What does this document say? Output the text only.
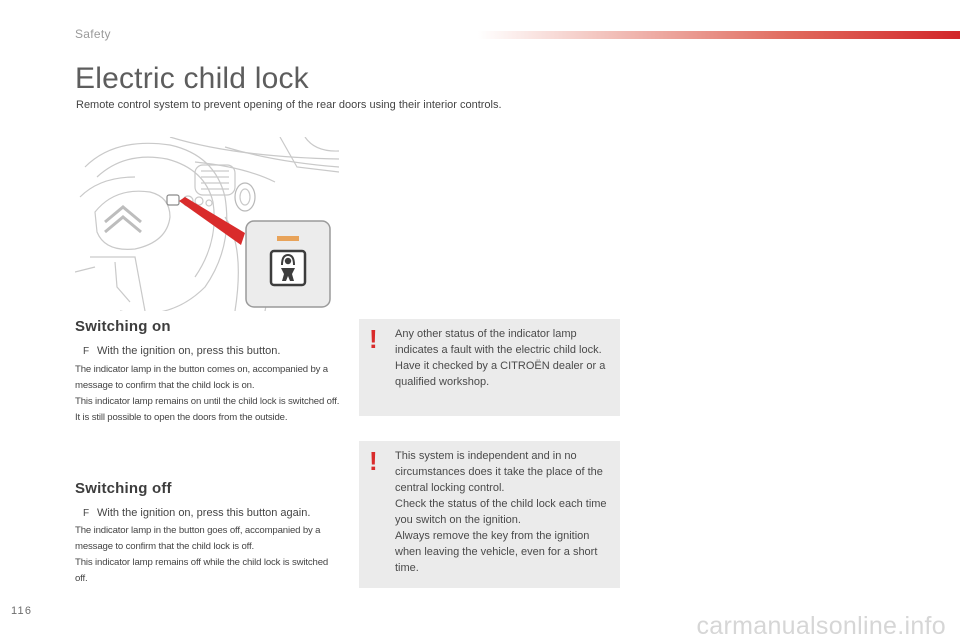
Safety
Electric child lock
Remote control system to prevent opening of the rear doors using their interior controls.
Switching on
F With the ignition on, press this button.
The indicator lamp in the button comes on, accompanied by a message to confirm that the child lock is on.
This indicator lamp remains on until the child lock is switched off.
It is still possible to open the doors from the outside.
Switching off
F With the ignition on, press this button again.
The indicator lamp in the button goes off, accompanied by a message to confirm that the child lock is off.
This indicator lamp remains off while the child lock is switched off.
! Any other status of the indicator lamp indicates a fault with the electric child lock.
Have it checked by a CITROËN dealer or a qualified workshop.
! This system is independent and in no circumstances does it take the place of the central locking control.
Check the status of the child lock each time you switch on the ignition.
Always remove the key from the ignition when leaving the vehicle, even for a short time.
116
carmanualsonline.info
